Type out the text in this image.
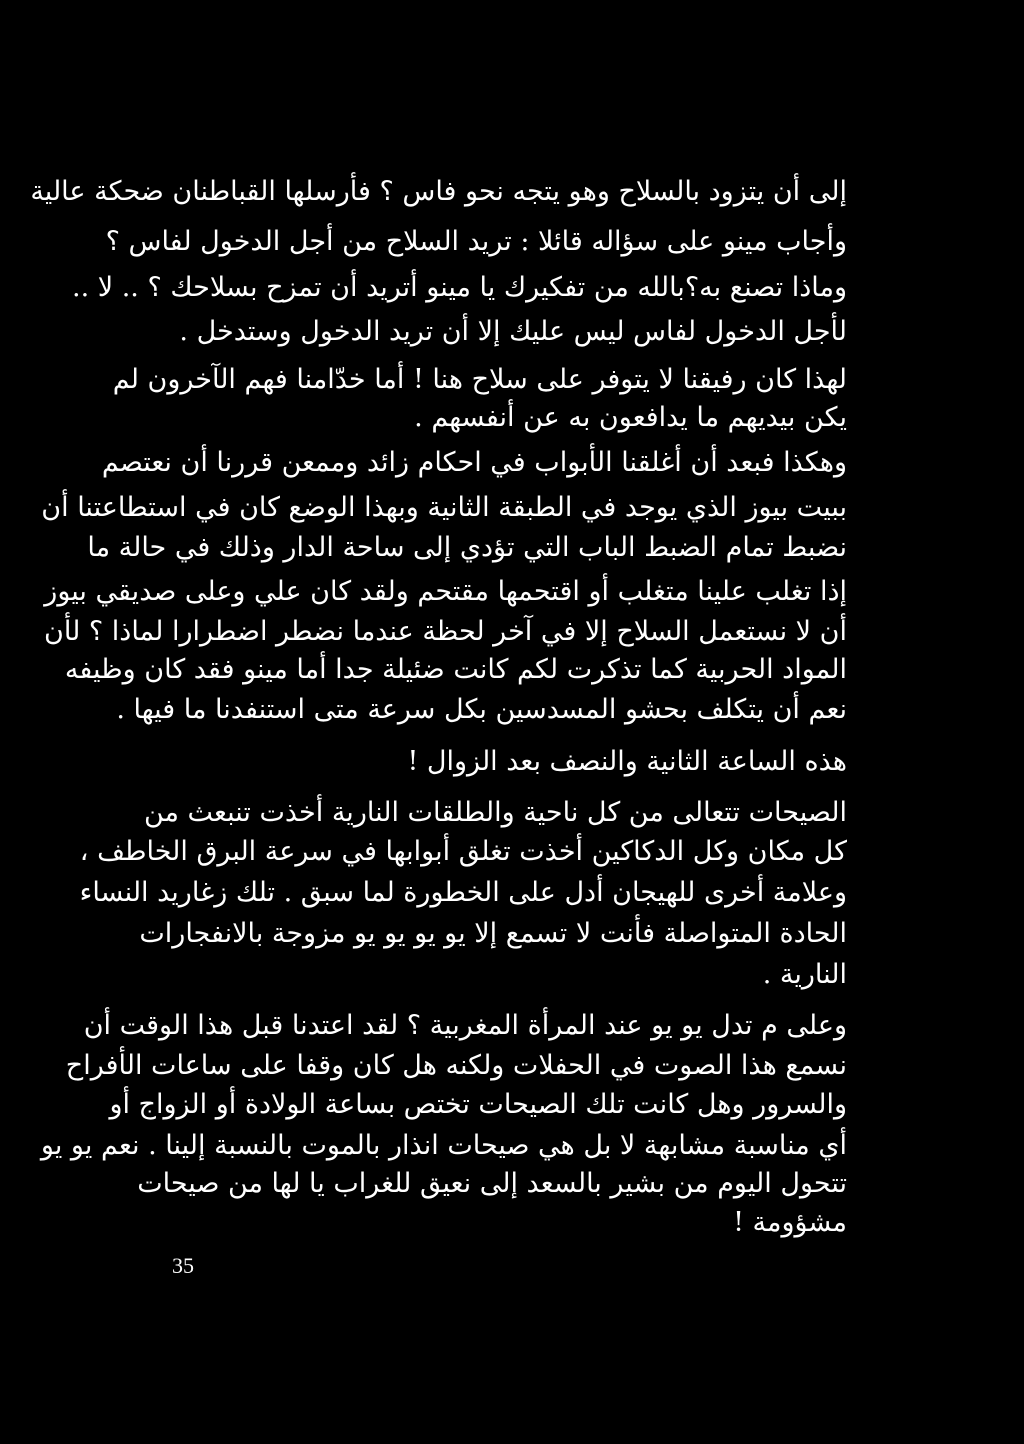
إلى أن يتزود بالسلاح وهو يتجه نحو فاس ؟ فأرسلها القباطنان ضحكة عالية
وأجاب مينو على سؤاله قائلا : تريد السلاح من أجل الدخول لفاس ؟
وماذا تصنع به؟بالله من تفكيرك يا مينو أتريد أن تمزح بسلاحك ؟ .. لا ..
لأجل الدخول لفاس ليس عليك إلا أن تريد الدخول وستدخل .
لهذا كان رفيقنا لا يتوفر على سلاح هنا ! أما خدّامنا فهم الآخرون لم
يكن بيديهم ما يدافعون به عن أنفسهم .
وهكذا فبعد أن أغلقنا الأبواب في احكام زائد وممعن قررنا أن نعتصم
ببيت بيوز الذي يوجد في الطبقة الثانية وبهذا الوضع كان في استطاعتنا أن
نضبط تمام الضبط الباب التي تؤدي إلى ساحة الدار وذلك في حالة ما
إذا تغلب علينا متغلب أو اقتحمها مقتحم ولقد كان علي وعلى صديقي بيوز
أن لا نستعمل السلاح إلا في آخر لحظة عندما نضطر اضطرارا لماذا ؟ لأن
المواد الحربية كما تذكرت لكم كانت ضئيلة جدا أما مينو فقد كان وظيفه
نعم أن يتكلف بحشو المسدسين بكل سرعة متى استنفدنا ما فيها .
هذه الساعة الثانية والنصف بعد الزوال !
الصيحات تتعالى من كل ناحية والطلقات النارية أخذت تنبعث من
كل مكان وكل الدكاكين أخذت تغلق أبوابها في سرعة البرق الخاطف ،
وعلامة أخرى للهيجان أدل على الخطورة لما سبق . تلك زغاريد النساء
الحادة المتواصلة فأنت لا تسمع إلا يو يو يو يو مزوجة بالانفجارات
النارية .
وعلى م تدل يو يو عند المرأة المغربية ؟ لقد اعتدنا قبل هذا الوقت أن
نسمع هذا الصوت في الحفلات ولكنه هل كان وقفا على ساعات الأفراح
والسرور وهل كانت تلك الصيحات تختص بساعة الولادة أو الزواج أو
أي مناسبة مشابهة لا بل هي صيحات انذار بالموت بالنسبة إلينا . نعم يو يو
تتحول اليوم من بشير بالسعد إلى نعيق للغراب يا لها من صيحات
مشؤومة !
35
